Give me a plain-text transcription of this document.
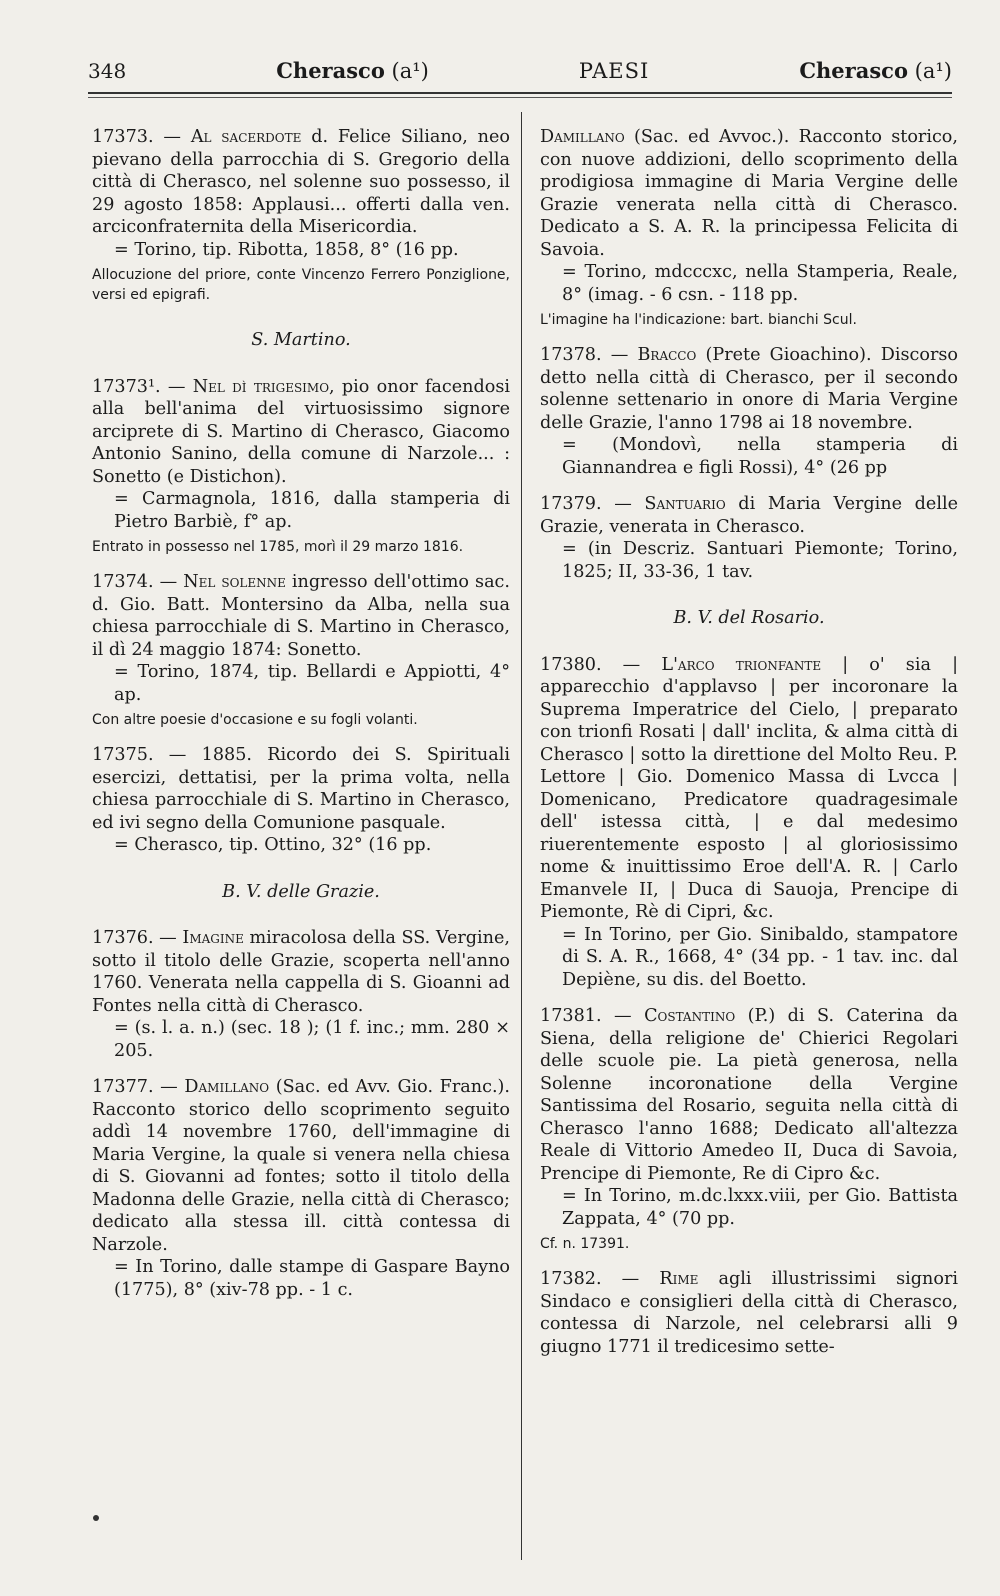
348	Cherasco (a¹)	PAESI	Cherasco (a¹)

17373. — Al sacerdote d. Felice Siliano, neo pievano della parrocchia di S. Gregorio della città di Cherasco, nel solenne suo possesso, il 29 agosto 1858: Applausi... offerti dalla ven. arciconfraternita della Misericordia.

= Torino, tip. Ribotta, 1858, 8° (16 pp.

Allocuzione del priore, conte Vincenzo Ferrero Ponziglione, versi ed epigrafi.

S. Martino.

17373¹. — Nel dì trigesimo, pio onor facendosi alla bell'anima del virtuosissimo signore arciprete di S. Martino di Cherasco, Giacomo Antonio Sanino, della comune di Narzole... : Sonetto (e Distichon).

= Carmagnola, 1816, dalla stamperia di Pietro Barbiè, f° ap.

Entrato in possesso nel 1785, morì il 29 marzo 1816.

17374. — Nel solenne ingresso dell'ottimo sac. d. Gio. Batt. Montersino da Alba, nella sua chiesa parrocchiale di S. Martino in Cherasco, il dì 24 maggio 1874: Sonetto.

= Torino, 1874, tip. Bellardi e Appiotti, 4° ap.

Con altre poesie d'occasione e su fogli volanti.

17375. — 1885. Ricordo dei S. Spirituali esercizi, dettatisi, per la prima volta, nella chiesa parrocchiale di S. Martino in Cherasco, ed ivi segno della Comunione pasquale.

= Cherasco, tip. Ottino, 32° (16 pp.

B. V. delle Grazie.

17376. — Imagine miracolosa della SS. Vergine, sotto il titolo delle Grazie, scoperta nell'anno 1760. Venerata nella cappella di S. Gioanni ad Fontes nella città di Cherasco.

= (s. l. a. n.) (sec. 18 ); (1 f. inc.; mm. 280 × 205.

17377. — Damillano (Sac. ed Avv. Gio. Franc.). Racconto storico dello scoprimento seguito addì 14 novembre 1760, dell'immagine di Maria Vergine, la quale si venera nella chiesa di S. Giovanni ad fontes; sotto il titolo della Madonna delle Grazie, nella città di Cherasco; dedicato alla stessa ill. città contessa di Narzole.

= In Torino, dalle stampe di Gaspare Bayno (1775), 8° (xiv-78 pp. - 1 c.

Damillano (Sac. ed Avvoc.). Racconto storico, con nuove addizioni, dello scoprimento della prodigiosa immagine di Maria Vergine delle Grazie venerata nella città di Cherasco. Dedicato a S. A. R. la principessa Felicita di Savoia.

= Torino, mdcccxc, nella Stamperia, Reale, 8° (imag. - 6 csn. - 118 pp.

L'imagine ha l'indicazione: bart. bianchi Scul.

17378. — Bracco (Prete Gioachino). Discorso detto nella città di Cherasco, per il secondo solenne settenario in onore di Maria Vergine delle Grazie, l'anno 1798 ai 18 novembre.

= (Mondovì, nella stamperia di Giannandrea e figli Rossi), 4° (26 pp

17379. — Santuario di Maria Vergine delle Grazie, venerata in Cherasco.

= (in Descriz. Santuari Piemonte; Torino, 1825; II, 33-36, 1 tav.

B. V. del Rosario.

17380. — L'arco trionfante | o' sia | apparecchio d'applavso | per incoronare la Suprema Imperatrice del Cielo, | preparato con trionfi Rosati | dall' inclita, & alma città di Cherasco | sotto la direttione del Molto Reu. P. Lettore | Gio. Domenico Massa di Lvcca | Domenicano, Predicatore quadragesimale dell' istessa città, | e dal medesimo riuerentemente esposto | al gloriosissimo nome & inuittissimo Eroe dell'A. R. | Carlo Emanvele II, | Duca di Sauoja, Prencipe di Piemonte, Rè di Cipri, &c.

= In Torino, per Gio. Sinibaldo, stampatore di S. A. R., 1668, 4° (34 pp. - 1 tav. inc. dal Depiène, su dis. del Boetto.

17381. — Costantino (P.) di S. Caterina da Siena, della religione de' Chierici Regolari delle scuole pie. La pietà generosa, nella Solenne incoronatione della Vergine Santissima del Rosario, seguita nella città di Cherasco l'anno 1688; Dedicato all'altezza Reale di Vittorio Amedeo II, Duca di Savoia, Prencipe di Piemonte, Re di Cipro &c.

= In Torino, m.dc.lxxx.viii, per Gio. Battista Zappata, 4° (70 pp.

Cf. n. 17391.

17382. — Rime agli illustrissimi signori Sindaco e consiglieri della città di Cherasco, contessa di Narzole, nel celebrarsi alli 9 giugno 1771 il tredicesimo sette-
